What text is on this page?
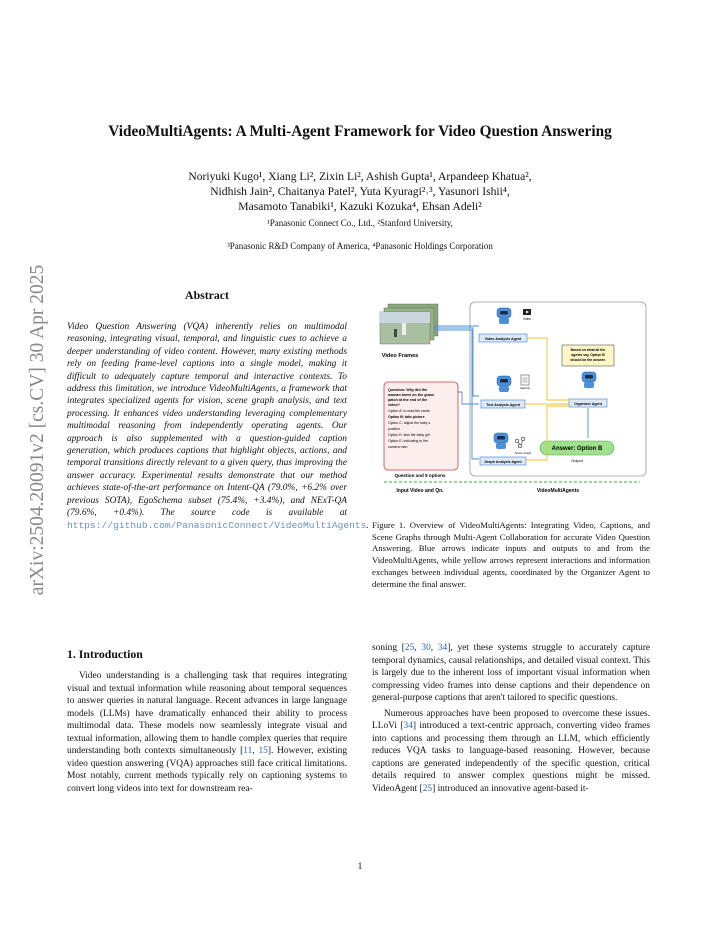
VideoMultiAgents: A Multi-Agent Framework for Video Question Answering
Noriyuki Kugo¹, Xiang Li², Zixin Li², Ashish Gupta¹, Arpandeep Khatua²,
Nidhish Jain², Chaitanya Patel², Yuta Kyuragi²˒³, Yasunori Ishii⁴,
Masamoto Tanabiki¹, Kazuki Kozuka⁴, Ehsan Adeli²
¹Panasonic Connect Co., Ltd., ²Stanford University,
³Panasonic R&D Company of America, ⁴Panasonic Holdings Corporation
arXiv:2504.20091v2 [cs.CV] 30 Apr 2025	Abstract
Video Question Answering (VQA) inherently relies on multimodal reasoning, integrating visual, temporal, and linguistic cues to achieve a deeper understanding of video content. However, many existing methods rely on feeding frame-level captions into a single model, making it difficult to adequately capture temporal and interactive contexts. To address this limitation, we introduce VideoMultiAgents, a framework that integrates specialized agents for vision, scene graph analysis, and text processing. It enhances video understanding leveraging complementary multimodal reasoning from independently operating agents. Our approach is also supplemented with a question-guided caption generation, which produces captions that highlight objects, actions, and temporal transitions directly relevant to a given query, thus improving the answer accuracy. Experimental results demonstrate that our method achieves state-of-the-art performance on Intent-QA (79.0%, +6.2% over previous SOTA), EgoSchema subset (75.4%, +3.4%), and NExT-QA (79.6%, +0.4%). The source code is available at https://github.com/PanasonicConnect/VideoMultiAgents.
Video Frames
Video
Video Analysis Agent
Caption
Text Analysis Agent
Scene Graph
Graph Analysis Agent
Based on what all the
agents say, Option B
should be the answer.
Organizer Agent
Answer: Option B
Output
Question: Why did the
woman kneel on the grass
patch at the end of the
video?
Option A: to read the cards
Option B: take picture
Option C: adjust the baby s
position
Option D: kiss the baby girl
Option E: indicating to the
camera man
Question and 5 options
Input Video and Qn.	VideoMultiAgents
Figure 1. Overview of VideoMultiAgents: Integrating Video, Captions, and Scene Graphs through Multi-Agent Collaboration for accurate Video Question Answering. Blue arrows indicate inputs and outputs to and from the VideoMultiAgents, while yellow arrows represent interactions and information exchanges between individual agents, coordinated by the Organizer Agent to determine the final answer.
1. Introduction

Video understanding is a challenging task that requires integrating visual and textual information while reasoning about temporal sequences to answer queries in natural language. Recent advances in large language models (LLMs) have dramatically enhanced their ability to process multimodal data. These models now seamlessly integrate visual and textual information, allowing them to handle complex queries that require understanding both contexts simultaneously [11, 15]. However, existing video question answering (VQA) approaches still face critical limitations. Most notably, current methods typically rely on captioning systems to convert long videos into text for downstream rea-

soning [25, 30, 34], yet these systems struggle to accurately capture temporal dynamics, causal relationships, and detailed visual context. This is largely due to the inherent loss of important visual information when compressing video frames into dense captions and their dependence on general-purpose captions that aren't tailored to specific questions.

Numerous approaches have been proposed to overcome these issues. LLoVi [34] introduced a text-centric approach, converting video frames into captions and processing them through an LLM, which efficiently reduces VQA tasks to language-based reasoning. However, because captions are generated independently of the specific question, critical details required to answer complex questions might be missed. VideoAgent [25] introduced an innovative agent-based it-

1
